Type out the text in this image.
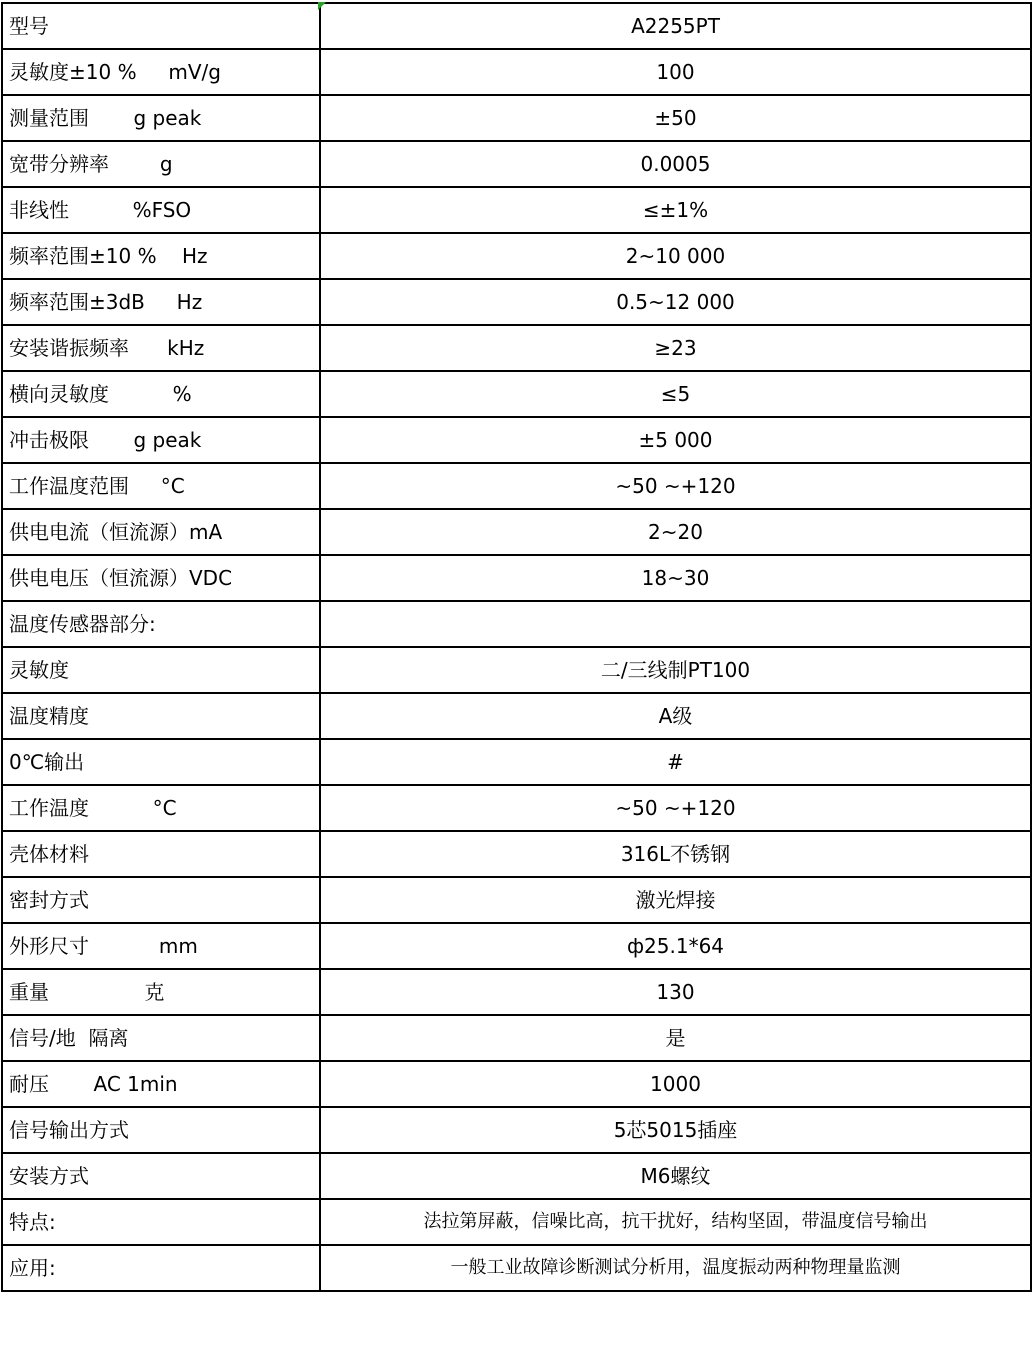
型号	A2255PT
灵敏度±10 %     mV/g	100
测量范围       g peak	±50
宽带分辨率        g	0.0005
非线性          %FSO	≤±1%
频率范围±10 %    Hz	2~10 000
频率范围±3dB     Hz	0.5~12 000
安装谐振频率      kHz	≥23
横向灵敏度          %	≤5
冲击极限       g peak	±5 000
工作温度范围     °C	~50 ~+120
供电电流（恒流源）mA	2~20
供电电压（恒流源）VDC	18~30
温度传感器部分:	
灵敏度	二/三线制PT100
温度精度	A级
0℃输出	#
工作温度          °C	~50 ~+120
壳体材料	316L不锈钢
密封方式	激光焊接
外形尺寸           mm	ф25.1*64
重量               克	130
信号/地  隔离	是
耐压       AC 1min	1000
信号输出方式	5芯5015插座
安装方式	M6螺纹
特点:	法拉第屏蔽，信噪比高，抗干扰好，结构坚固，带温度信号输出
应用:	一般工业故障诊断测试分析用，温度振动两种物理量监测
